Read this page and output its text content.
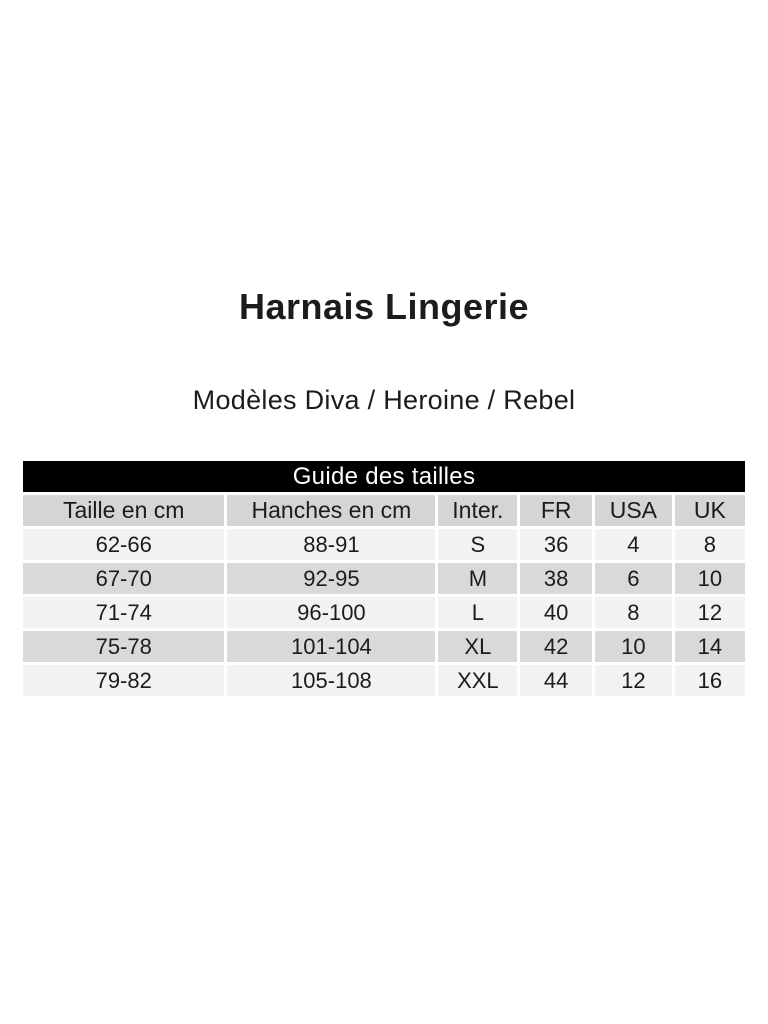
Harnais Lingerie
Modèles Diva / Heroine / Rebel
Guide des tailles					
Taille en cm	Hanches en cm	Inter.	FR	USA	UK
62-66	88-91	S	36	4	8
67-70	92-95	M	38	6	10
71-74	96-100	L	40	8	12
75-78	101-104	XL	42	10	14
79-82	105-108	XXL	44	12	16
